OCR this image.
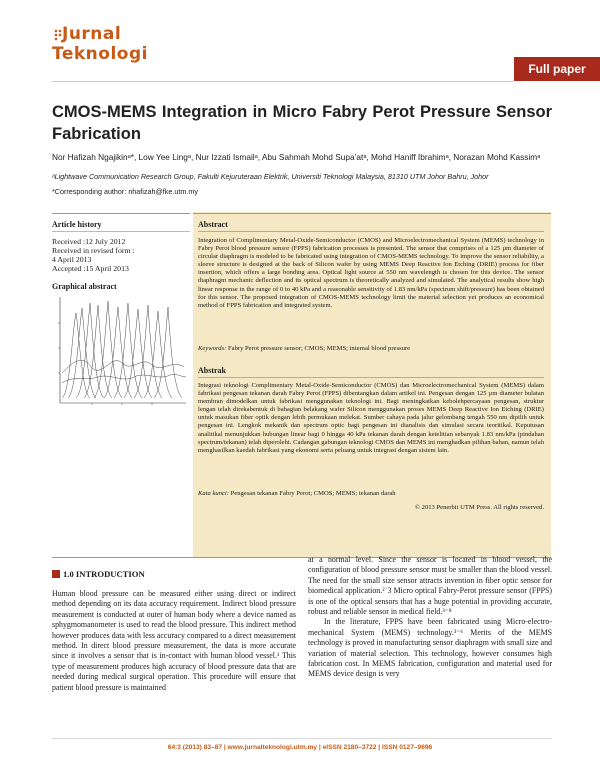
Jurnal
Teknologi
Full paper
CMOS-MEMS Integration in Micro Fabry Perot Pressure Sensor Fabrication
Nor Hafizah Ngajikinᵃ*, Low Yee Lingᵃ, Nur Izzati Ismailᵃ, Abu Sahmah Mohd Supa’atᵃ, Mohd Haniff Ibrahimᵃ, Norazan Mohd Kassimᵃ
ᵃLightwave Communication Research Group, Fakulti Kejuruteraan Elektrik, Universiti Teknologi Malaysia, 81310 UTM Johor Bahru, Johor
*Corresponding author: nhafizah@fke.utm.my
Article history
Received :12 July 2012
Received in revised form :
4 April 2013
Accepted :15 April 2013
Graphical abstract
Abstract
Integration of Complimentary Metal-Oxide-Semiconductor (CMOS) and Microelectromechanical System (MEMS) technology in Fabry Perot blood pressure sensor (FPPS) fabrication processes is presented. The sensor that comprises of a 125 µm diameter of circular diaphragm is modeled to be fabricated using integration of CMOS-MEMS technology. To improve the sensor reliability, a sleeve structure is designed at the back of Silicon wafer by using MEMS Deep Reactive Ion Etching (DRIE) process for fiber insertion, which offers a large bonding area. Optical light source at 550 nm wavelength is chosen for this device. The sensor diaphragm mechanic deflection and its optical spectrum is theoretically analyzed and simulated. The analytical results show high linear response in the range of 0 to 40 kPa and a reasonable sensitivity of 1.83 nm/kPa (spectrum shift/pressure) has been obtained for this sensor. The proposed integration of CMOS-MEMS technology limit the material selection yet produces an economical method of FPPS fabrication and integrated system.
Keywords: Fabry Perot pressure sensor; CMOS; MEMS; internal blood pressure
Abstrak
Integrasi teknologi Complimentary Metal-Oxide-Semiconductor (CMOS) dan Microelectromechanical System (MEMS) dalam fabrikasi pengesan tekanan darah Fabry Perot (FPPS) dibentangkan dalam artikel ini. Pengesan dengan 125 µm diameter bulatan membran dimodelkan untuk fabrikasi menggunakan teknologi ini. Bagi meningkatkan kebolehpercayaan pengesan, struktur lengan telah direkabentuk di bahagian belakang wafer Silicon menggunakan proses MEMS Deep Reactive Ion Etching (DRIE) untuk masukan fiber optik dengan lebih permukaan melekat. Sumber cahaya pada jalur gelombang tengah 550 nm dipilih untuk pengesan ini. Lengkok mekanik dan spectrum optic bagi pengesan ini dianalisis dan simulasi secara teoritikal. Keputusan analitikal menunjukkan hubungan linear bagi 0 hingga 40 kPa tekanan darah dengan ketelitian sebanyak 1.83 nm/kPa (pindahan spectrum/tekanan) telah diperolehi. Cadangan gabungan teknologi CMOS dan MEMS ini menghadkan pilihan bahan, namun telah menghasilkan kaedah fabrikasi yang ekonomi serta peluang untuk integrasi dengan sistem lain.
Kata kunci: Pengesan tekanan Fabry Perot; CMOS; MEMS; tekanan darah
© 2013 Penerbit UTM Press. All rights reserved.
1.0 INTRODUCTION
Human blood pressure can be measured either using direct or indirect method depending on its data accuracy requirement. Indirect blood pressure measurement is conducted at outer of human body where a device named as sphygmomanometer is used to read the blood pressure. This indirect method however produces data with less accuracy compared to a direct measurement method. In direct blood pressure measurement, the data is more accurate since it involves a sensor that is in-contact with human blood vessel.¹ This type of measurement produces high accuracy of blood pressure data that are needed during medical surgical operation. This procedure will ensure that patient blood pressure is maintained
at a normal level. Since the sensor is located in blood vessel, the configuration of blood pressure sensor must be smaller than the blood vessel. The need for the small size sensor attracts invention in fiber optic sensor for biomedical application.²˙3 Micro optical Fabry-Perot pressure sensor (FPPS) is one of the optical sensors that has a huge potential in providing accurate, robust and reliable sensor in medical field.³⁻⁸
In the literature, FPPS have been fabricated using Micro-electro-mechanical System (MEMS) technology.³⁻⁶ Merits of the MEMS technology is proved in manufacturing sensor diaphragm with small size and variation of material selection. This technology, however consumes high fabrication cost. In MEMS fabrication, configuration and material used for MEMS device design is very
64:3 (2013) 83–87 | www.jurnalteknologi.utm.my | eISSN 2180–3722 | ISSN 0127–9696
